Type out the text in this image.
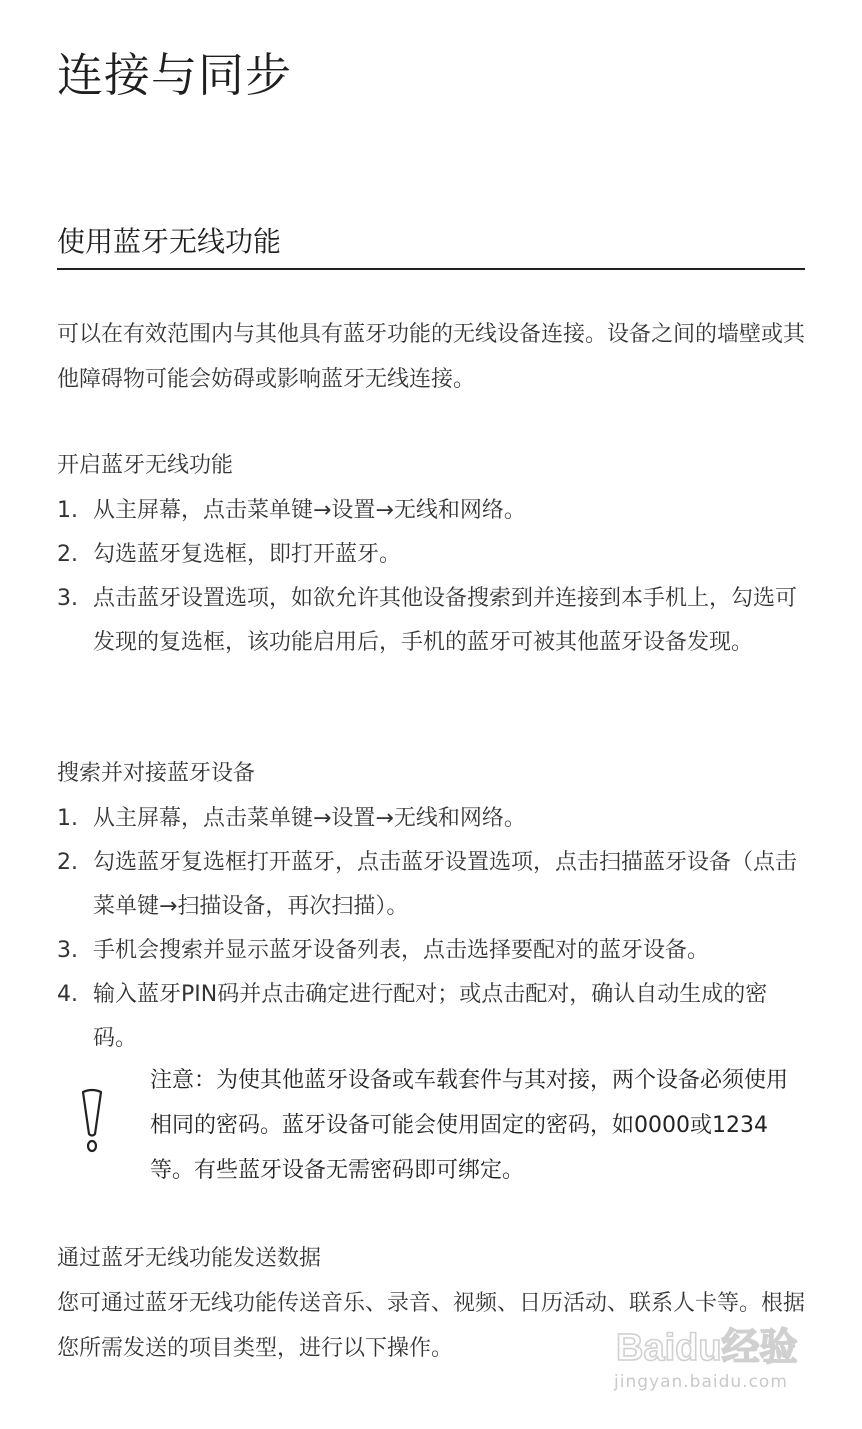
连接与同步
使用蓝牙无线功能

可以在有效范围内与其他具有蓝牙功能的无线设备连接。设备之间的墙壁或其他障碍物可能会妨碍或影响蓝牙无线连接。

开启蓝牙无线功能
1. 从主屏幕，点击菜单键→设置→无线和网络。
2. 勾选蓝牙复选框，即打开蓝牙。
3. 点击蓝牙设置选项，如欲允许其他设备搜索到并连接到本手机上，勾选可发现的复选框，该功能启用后，手机的蓝牙可被其他蓝牙设备发现。
搜索并对接蓝牙设备
1. 从主屏幕，点击菜单键→设置→无线和网络。
2. 勾选蓝牙复选框打开蓝牙，点击蓝牙设置选项，点击扫描蓝牙设备（点击菜单键→扫描设备，再次扫描）。
3. 手机会搜索并显示蓝牙设备列表，点击选择要配对的蓝牙设备。
4. 输入蓝牙PIN码并点击确定进行配对；或点击配对，确认自动生成的密码。

注意：为使其他蓝牙设备或车载套件与其对接，两个设备必须使用相同的密码。蓝牙设备可能会使用固定的密码，如0000或1234等。有些蓝牙设备无需密码即可绑定。

通过蓝牙无线功能发送数据

您可通过蓝牙无线功能传送音乐、录音、视频、日历活动、联系人卡等。根据您所需发送的项目类型，进行以下操作。	Baidu经验
jingyan.baidu.com
